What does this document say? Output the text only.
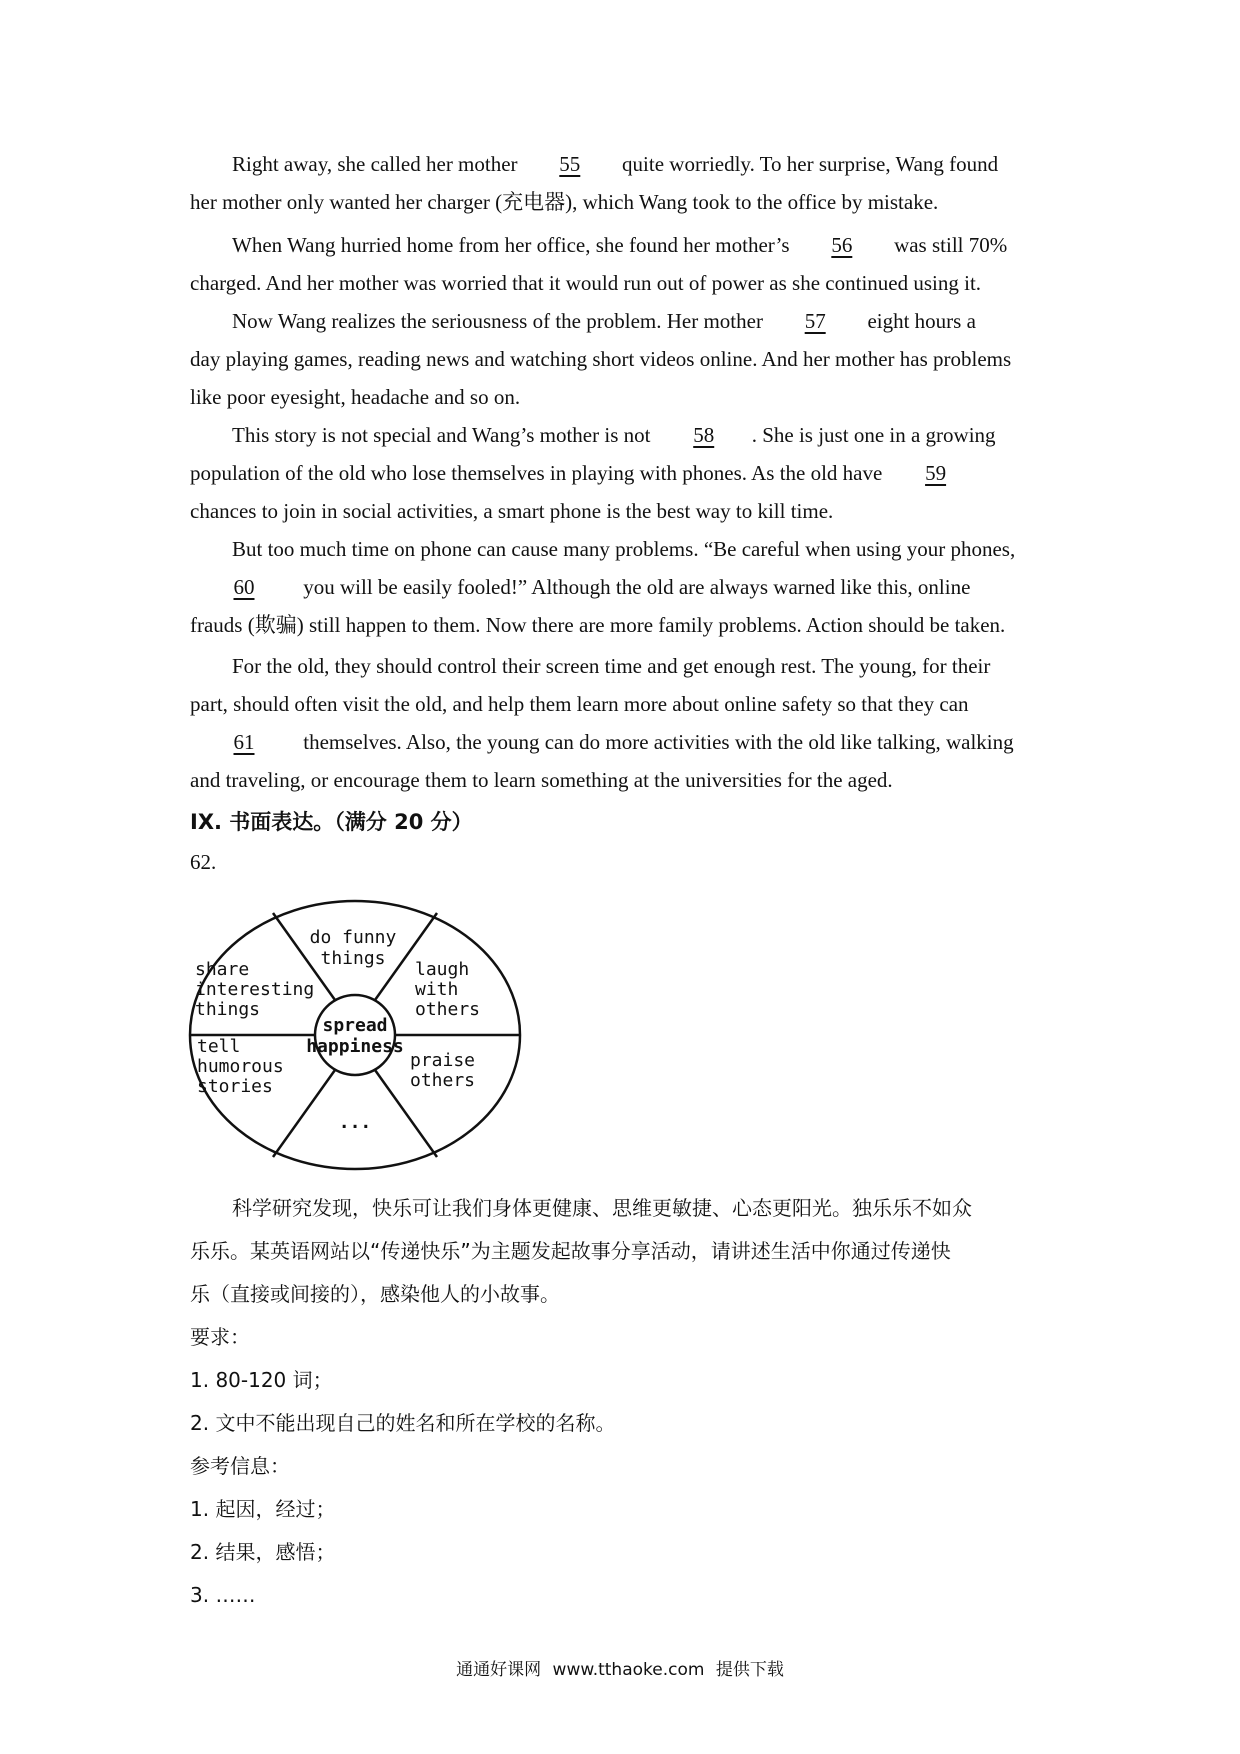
Right away, she called her mother 55 quite worriedly. To her surprise, Wang found
her mother only wanted her charger (充电器), which Wang took to the office by mistake.
When Wang hurried home from her office, she found her mother’s 56 was still 70%
charged. And her mother was worried that it would run out of power as she continued using it.
Now Wang realizes the seriousness of the problem. Her mother 57 eight hours a
day playing games, reading news and watching short videos online. And her mother has problems
like poor eyesight, headache and so on.
This story is not special and Wang’s mother is not 58 . She is just one in a growing
population of the old who lose themselves in playing with phones. As the old have 59
chances to join in social activities, a smart phone is the best way to kill time.
But too much time on phone can cause many problems. “Be careful when using your phones,
60 you will be easily fooled!” Although the old are always warned like this, online
frauds (欺骗) still happen to them. Now there are more family problems. Action should be taken.
For the old, they should control their screen time and get enough rest. The young, for their
part, should often visit the old, and help them learn more about online safety so that they can
61 themselves. Also, the young can do more activities with the old like talking, walking
and traveling, or encourage them to learn something at the universities for the aged.
IX. 书面表达。（满分 20 分）
62.
spread
happiness
do funny
things
laugh
with
others
praise
others
...
tell
humorous
stories
share
interesting
things
科学研究发现，快乐可让我们身体更健康、思维更敏捷、心态更阳光。独乐乐不如众
乐乐。某英语网站以“传递快乐”为主题发起故事分享活动，请讲述生活中你通过传递快
乐（直接或间接的），感染他人的小故事。
要求：
1. 80-120 词；
2. 文中不能出现自己的姓名和所在学校的名称。
参考信息：
1. 起因，经过；
2. 结果，感悟；
3. ……
通通好课网 www.tthaoke.com 提供下载
